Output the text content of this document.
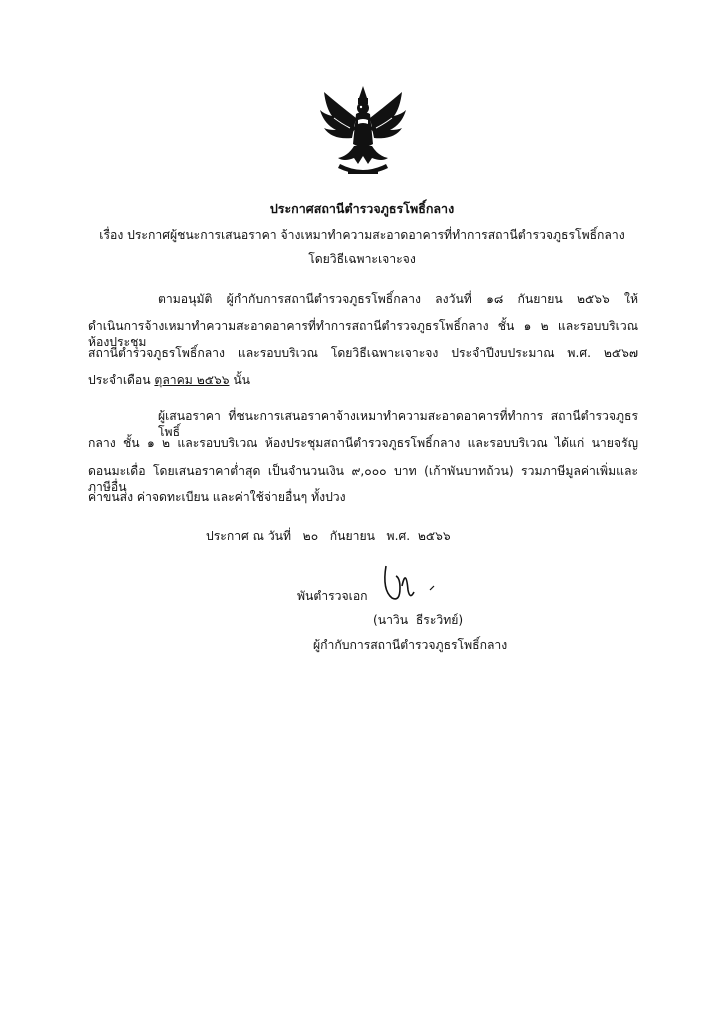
ประกาศสถานีตำรวจภูธรโพธิ์กลาง
เรื่อง ประกาศผู้ชนะการเสนอราคา จ้างเหมาทำความสะอาดอาคารที่ทำการสถานีตำรวจภูธรโพธิ์กลาง
โดยวิธีเฉพาะเจาะจง
ตามอนุมัติ ผู้กำกับการสถานีตำรวจภูธรโพธิ์กลาง ลงวันที่ ๑๘ กันยายน ๒๕๖๖ ให้
ดำเนินการจ้างเหมาทำความสะอาดอาคารที่ทำการสถานีตำรวจภูธรโพธิ์กลาง ชั้น ๑ ๒ และรอบบริเวณ ห้องประชุม
สถานีตำรวจภูธรโพธิ์กลาง และรอบบริเวณ โดยวิธีเฉพาะเจาะจง ประจำปีงบประมาณ พ.ศ. ๒๕๖๗
ประจำเดือน ตุลาคม ๒๕๖๖ นั้น
ผู้เสนอราคา ที่ชนะการเสนอราคาจ้างเหมาทำความสะอาดอาคารที่ทำการ สถานีตำรวจภูธรโพธิ์
กลาง ชั้น ๑ ๒ และรอบบริเวณ ห้องประชุมสถานีตำรวจภูธรโพธิ์กลาง และรอบบริเวณ ได้แก่ นายจรัญ
ดอนมะเดื่อ โดยเสนอราคาต่ำสุด เป็นจำนวนเงิน ๙,๐๐๐ บาท (เก้าพันบาทถ้วน) รวมภาษีมูลค่าเพิ่มและภาษีอื่น
ค่าขนส่ง ค่าจดทะเบียน และค่าใช้จ่ายอื่นๆ ทั้งปวง
ประกาศ ณ วันที่   ๒๐   กันยายน   พ.ศ.  ๒๕๖๖
พันตำรวจเอก
(นาวิน  ธีระวิทย์)
ผู้กำกับการสถานีตำรวจภูธรโพธิ์กลาง
